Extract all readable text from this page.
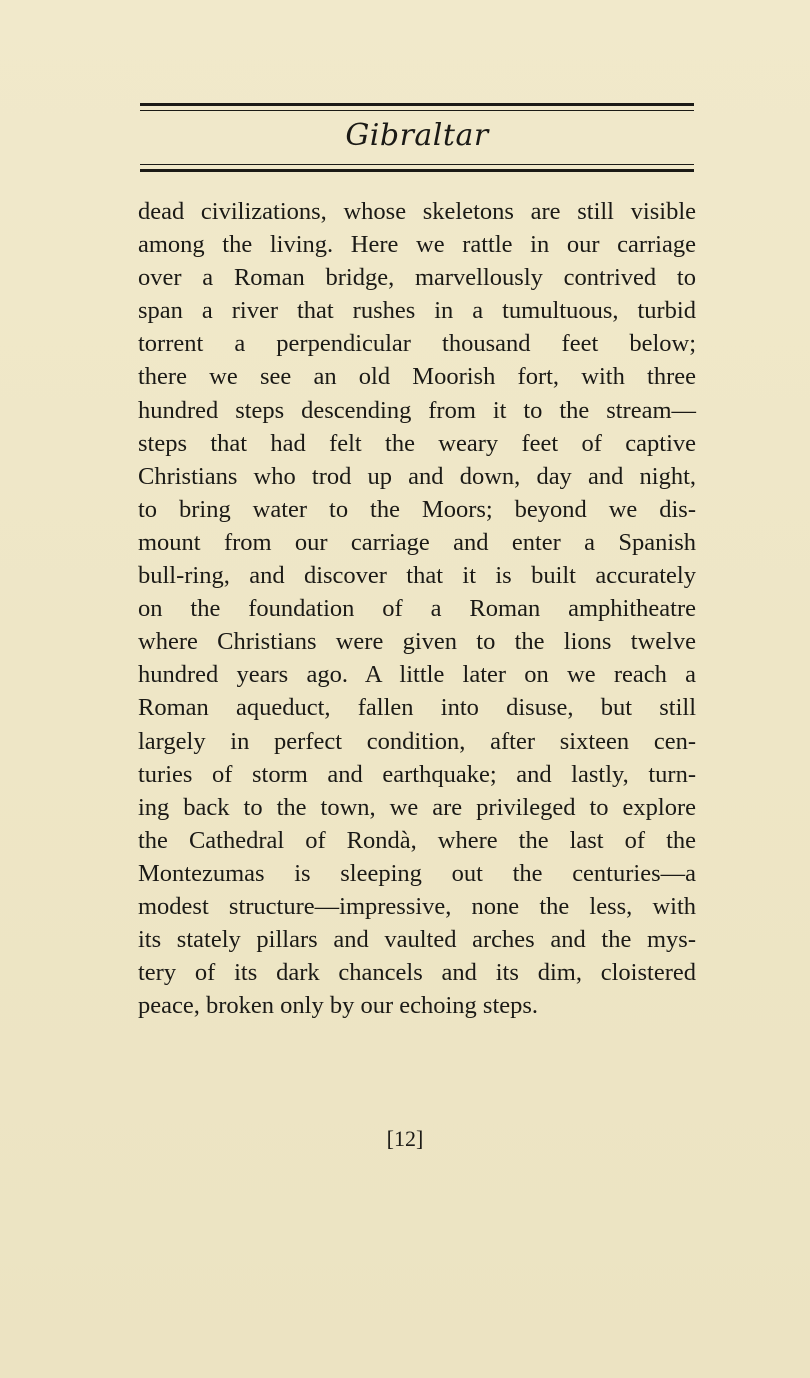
Gibraltar
dead civilizations, whose skeletons are still visible
among the living. Here we rattle in our carriage
over a Roman bridge, marvellously contrived to
span a river that rushes in a tumultuous, turbid
torrent a perpendicular thousand feet below;
there we see an old Moorish fort, with three
hundred steps descending from it to the stream—
steps that had felt the weary feet of captive
Christians who trod up and down, day and night,
to bring water to the Moors; beyond we dis-
mount from our carriage and enter a Spanish
bull-ring, and discover that it is built accurately
on the foundation of a Roman amphitheatre
where Christians were given to the lions twelve
hundred years ago. A little later on we reach a
Roman aqueduct, fallen into disuse, but still
largely in perfect condition, after sixteen cen-
turies of storm and earthquake; and lastly, turn-
ing back to the town, we are privileged to explore
the Cathedral of Rondà, where the last of the
Montezumas is sleeping out the centuries—a
modest structure—impressive, none the less, with
its stately pillars and vaulted arches and the mys-
tery of its dark chancels and its dim, cloistered
peace, broken only by our echoing steps.
[12]
